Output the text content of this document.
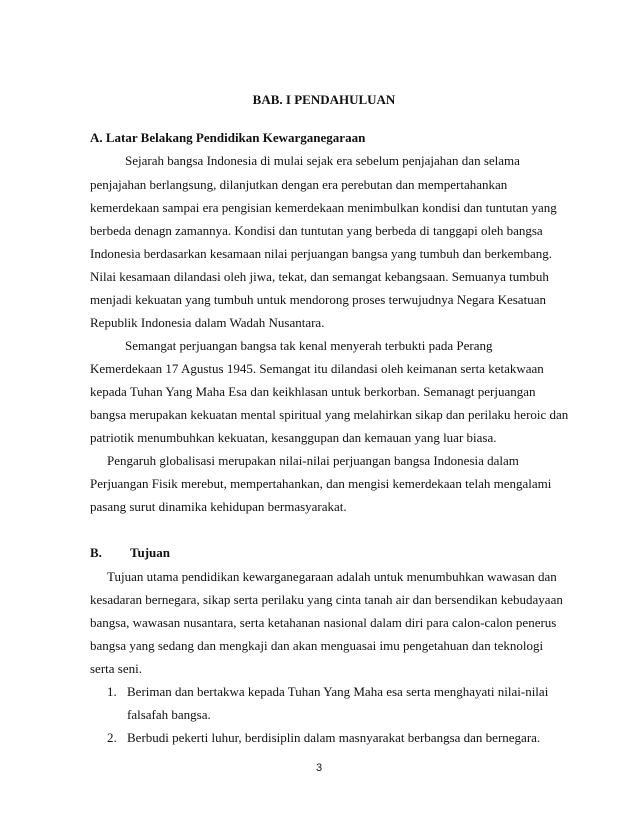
BAB. I PENDAHULUAN
A. Latar Belakang Pendidikan Kewarganegaraan
Sejarah bangsa Indonesia di mulai sejak era sebelum penjajahan dan selama
penjajahan berlangsung, dilanjutkan dengan era perebutan dan mempertahankan
kemerdekaan sampai era pengisian kemerdekaan menimbulkan kondisi dan tuntutan yang
berbeda denagn zamannya. Kondisi dan tuntutan yang berbeda di tanggapi oleh bangsa
Indonesia berdasarkan kesamaan nilai perjuangan bangsa yang tumbuh dan berkembang.
Nilai kesamaan dilandasi oleh jiwa, tekat, dan semangat kebangsaan. Semuanya tumbuh
menjadi kekuatan yang tumbuh untuk mendorong proses terwujudnya Negara Kesatuan
Republik Indonesia dalam Wadah Nusantara.
Semangat perjuangan bangsa tak kenal menyerah terbukti pada Perang
Kemerdekaan 17 Agustus 1945. Semangat itu dilandasi oleh keimanan serta ketakwaan
kepada Tuhan Yang Maha Esa dan keikhlasan untuk berkorban. Semanagt perjuangan
bangsa merupakan kekuatan mental spiritual yang melahirkan sikap dan perilaku heroic dan
patriotik menumbuhkan kekuatan, kesanggupan dan kemauan yang luar biasa.
Pengaruh globalisasi merupakan nilai-nilai perjuangan bangsa Indonesia dalam
Perjuangan Fisik merebut, mempertahankan, dan mengisi kemerdekaan telah mengalami
pasang surut dinamika kehidupan bermasyarakat.
B. Tujuan
Tujuan utama pendidikan kewarganegaraan adalah untuk menumbuhkan wawasan dan
kesadaran bernegara, sikap serta perilaku yang cinta tanah air dan bersendikan kebudayaan
bangsa, wawasan nusantara, serta ketahanan nasional dalam diri para calon-calon penerus
bangsa yang sedang dan mengkaji dan akan menguasai imu pengetahuan dan teknologi
serta seni.
1. Beriman dan bertakwa kepada Tuhan Yang Maha esa serta menghayati nilai-nilai
falsafah bangsa.
2. Berbudi pekerti luhur, berdisiplin dalam masnyarakat berbangsa dan bernegara.
3
